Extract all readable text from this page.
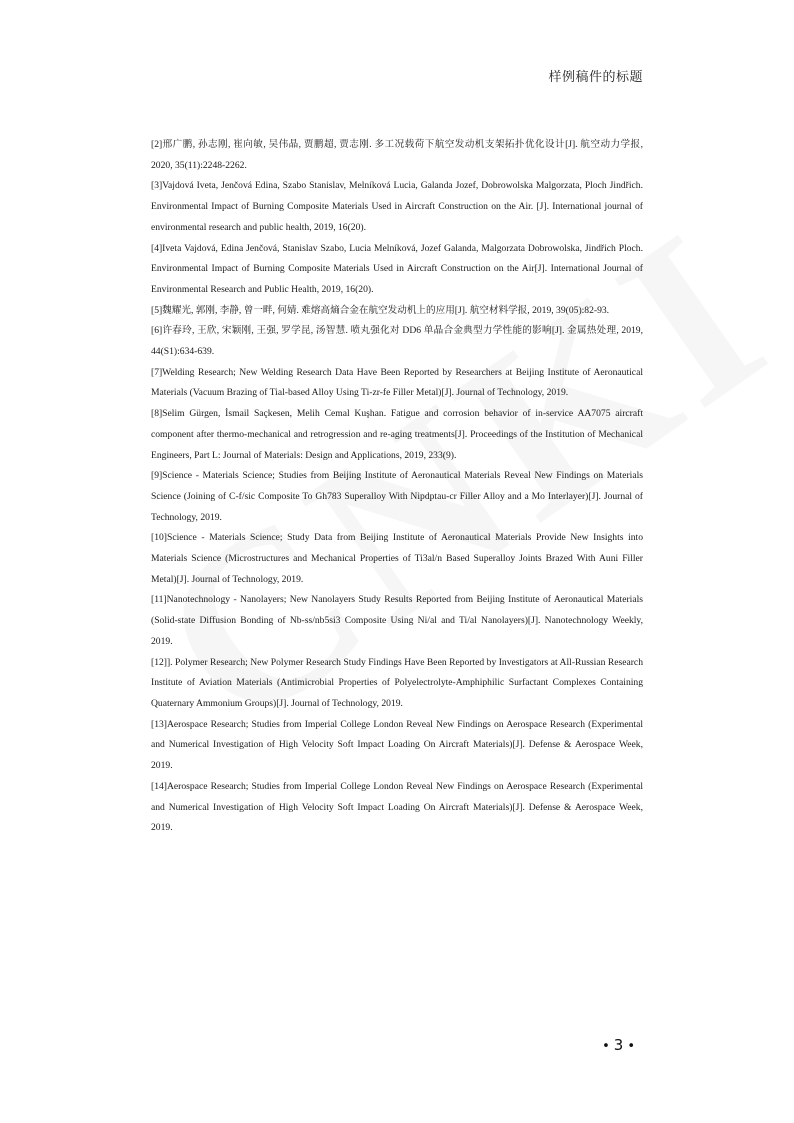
样例稿件的标题
[2]邢广鹏, 孙志刚, 崔向敏, 吴伟晶, 贾鹏超, 贾志刚. 多工况载荷下航空发动机支架拓扑优化设计[J]. 航空动力学报, 2020, 35(11):2248-2262.
[3]Vajdová Iveta, Jenčová Edina, Szabo Stanislav, Melníková Lucia, Galanda Jozef, Dobrowolska Malgorzata, Ploch Jindřich. Environmental Impact of Burning Composite Materials Used in Aircraft Construction on the Air. [J]. International journal of environmental research and public health, 2019, 16(20).
[4]Iveta Vajdová, Edina Jenčová, Stanislav Szabo, Lucia Melníková, Jozef Galanda, Malgorzata Dobrowolska, Jindřich Ploch. Environmental Impact of Burning Composite Materials Used in Aircraft Construction on the Air[J]. International Journal of Environmental Research and Public Health, 2019, 16(20).
[5]魏耀光, 郭刚, 李静, 曾一畔, 何婧. 难熔高熵合金在航空发动机上的应用[J]. 航空材料学报, 2019, 39(05):82-93.
[6]许春玲, 王欣, 宋颖刚, 王强, 罗学昆, 汤智慧. 喷丸强化对 DD6 单晶合金典型力学性能的影响[J]. 金属热处理, 2019, 44(S1):634-639.
[7]Welding Research; New Welding Research Data Have Been Reported by Researchers at Beijing Institute of Aeronautical Materials (Vacuum Brazing of Tial-based Alloy Using Ti-zr-fe Filler Metal)[J]. Journal of Technology, 2019.
[8]Selim Gürgen, İsmail Saçkesen, Melih Cemal Kuşhan. Fatigue and corrosion behavior of in-service AA7075 aircraft component after thermo-mechanical and retrogression and re-aging treatments[J]. Proceedings of the Institution of Mechanical Engineers, Part L: Journal of Materials: Design and Applications, 2019, 233(9).
[9]Science - Materials Science; Studies from Beijing Institute of Aeronautical Materials Reveal New Findings on Materials Science (Joining of C-f/sic Composite To Gh783 Superalloy With Nipdptau-cr Filler Alloy and a Mo Interlayer)[J]. Journal of Technology, 2019.
[10]Science - Materials Science; Study Data from Beijing Institute of Aeronautical Materials Provide New Insights into Materials Science (Microstructures and Mechanical Properties of Ti3al/n Based Superalloy Joints Brazed With Auni Filler Metal)[J]. Journal of Technology, 2019.
[11]Nanotechnology - Nanolayers; New Nanolayers Study Results Reported from Beijing Institute of Aeronautical Materials (Solid-state Diffusion Bonding of Nb-ss/nb5si3 Composite Using Ni/al and Ti/al Nanolayers)[J]. Nanotechnology Weekly, 2019.
[12]]. Polymer Research; New Polymer Research Study Findings Have Been Reported by Investigators at All-Russian Research Institute of Aviation Materials (Antimicrobial Properties of Polyelectrolyte-Amphiphilic Surfactant Complexes Containing Quaternary Ammonium Groups)[J]. Journal of Technology, 2019.
[13]Aerospace Research; Studies from Imperial College London Reveal New Findings on Aerospace Research (Experimental and Numerical Investigation of High Velocity Soft Impact Loading On Aircraft Materials)[J]. Defense & Aerospace Week, 2019.
[14]Aerospace Research; Studies from Imperial College London Reveal New Findings on Aerospace Research (Experimental and Numerical Investigation of High Velocity Soft Impact Loading On Aircraft Materials)[J]. Defense & Aerospace Week, 2019.
• 3 •
